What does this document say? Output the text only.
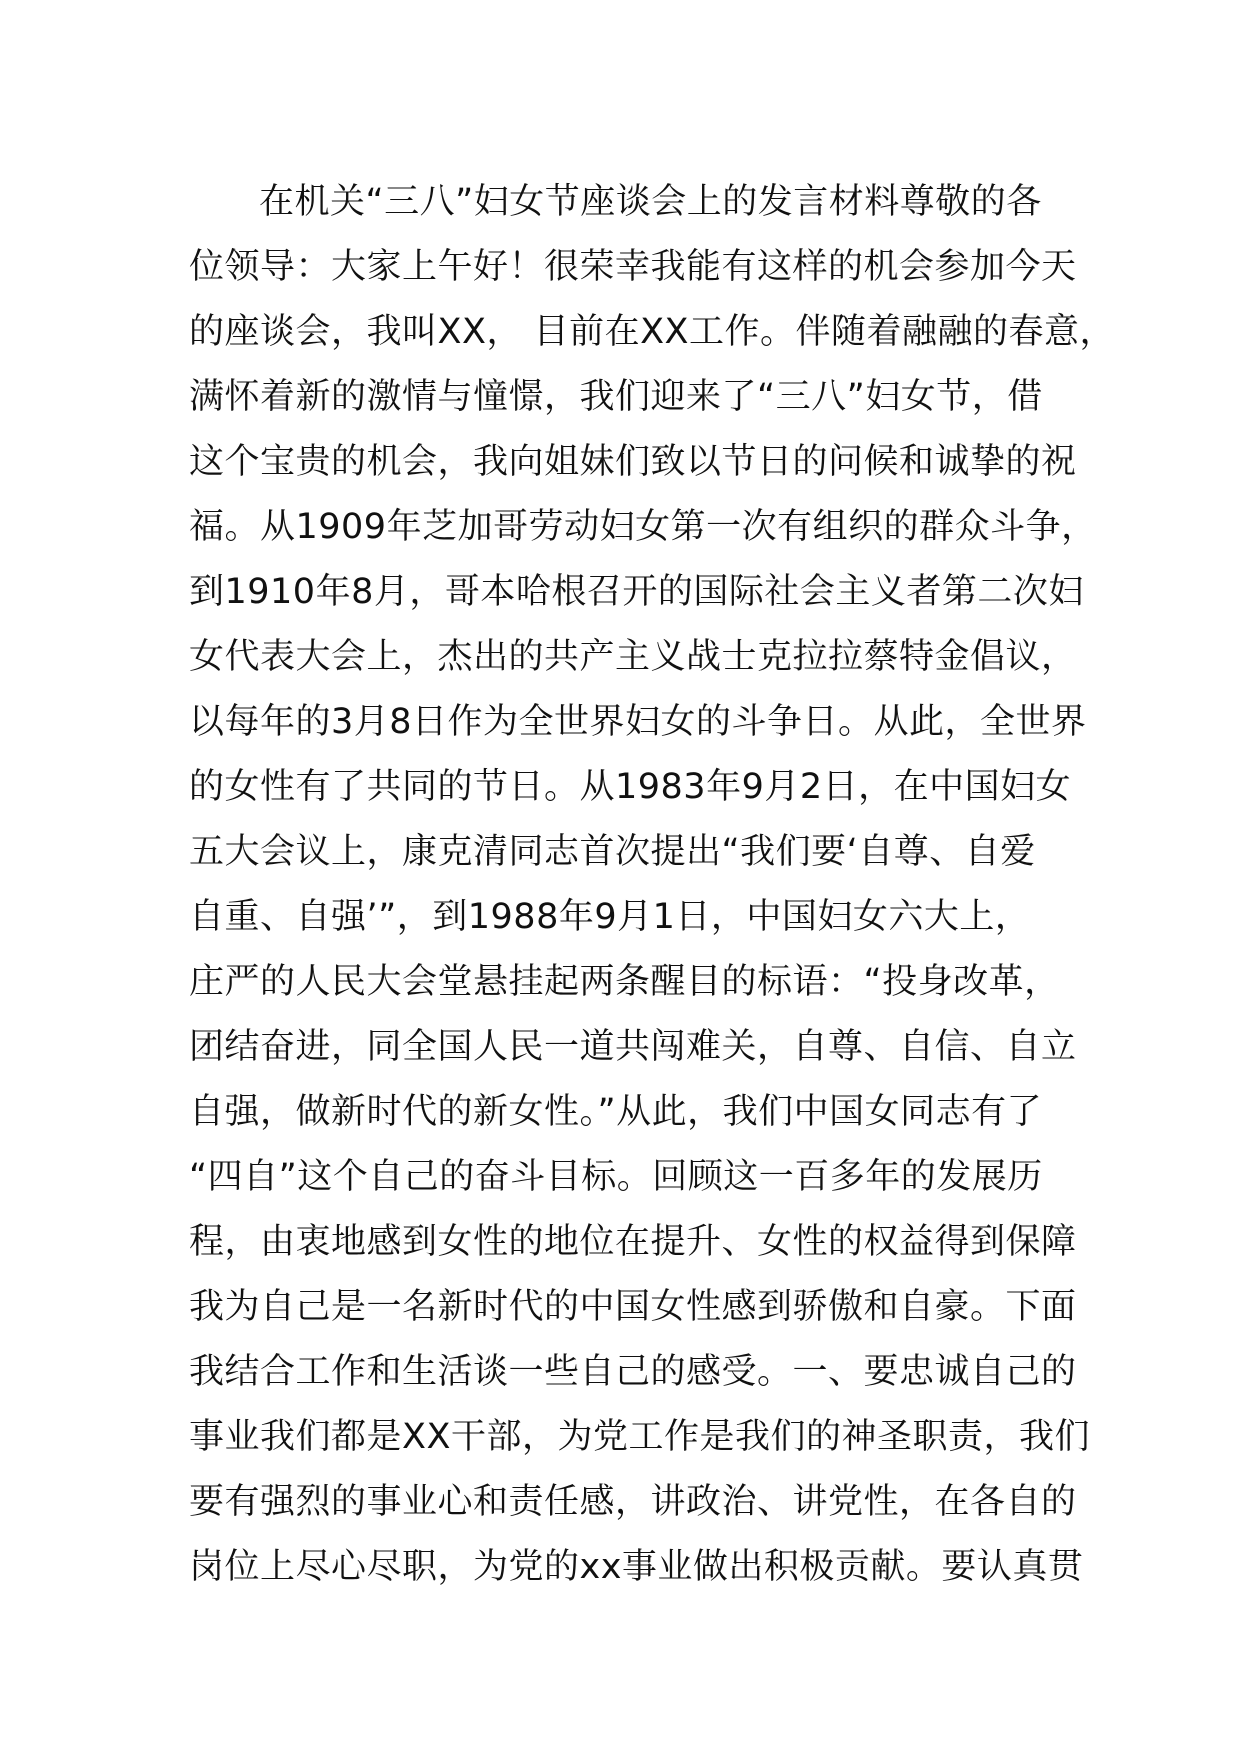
在机关“三八”妇女节座谈会上的发言材料尊敬的各
位领导：大家上午好！很荣幸我能有这样的机会参加今天
的座谈会，我叫XX， 目前在XX工作。伴随着融融的春意，
满怀着新的激情与憧憬，我们迎来了“三八”妇女节，借
这个宝贵的机会，我向姐妹们致以节日的问候和诚挚的祝
福。从1909年芝加哥劳动妇女第一次有组织的群众斗争，
到1910年8月，哥本哈根召开的国际社会主义者第二次妇
女代表大会上，杰出的共产主义战士克拉拉蔡特金倡议，
以每年的3月8日作为全世界妇女的斗争日。从此，全世界
的女性有了共同的节日。从1983年9月2日，在中国妇女
五大会议上，康克清同志首次提出“我们要‘自尊、自爱
自重、自强’”，到1988年9月1日，中国妇女六大上，
庄严的人民大会堂悬挂起两条醒目的标语：“投身改革，
团结奋进，同全国人民一道共闯难关，自尊、自信、自立
自强，做新时代的新女性。”从此，我们中国女同志有了
“四自”这个自己的奋斗目标。回顾这一百多年的发展历
程，由衷地感到女性的地位在提升、女性的权益得到保障
我为自己是一名新时代的中国女性感到骄傲和自豪。下面
我结合工作和生活谈一些自己的感受。一、要忠诚自己的
事业我们都是XX干部，为党工作是我们的神圣职责，我们
要有强烈的事业心和责任感，讲政治、讲党性，在各自的
岗位上尽心尽职，为党的xx事业做出积极贡献。要认真贯
